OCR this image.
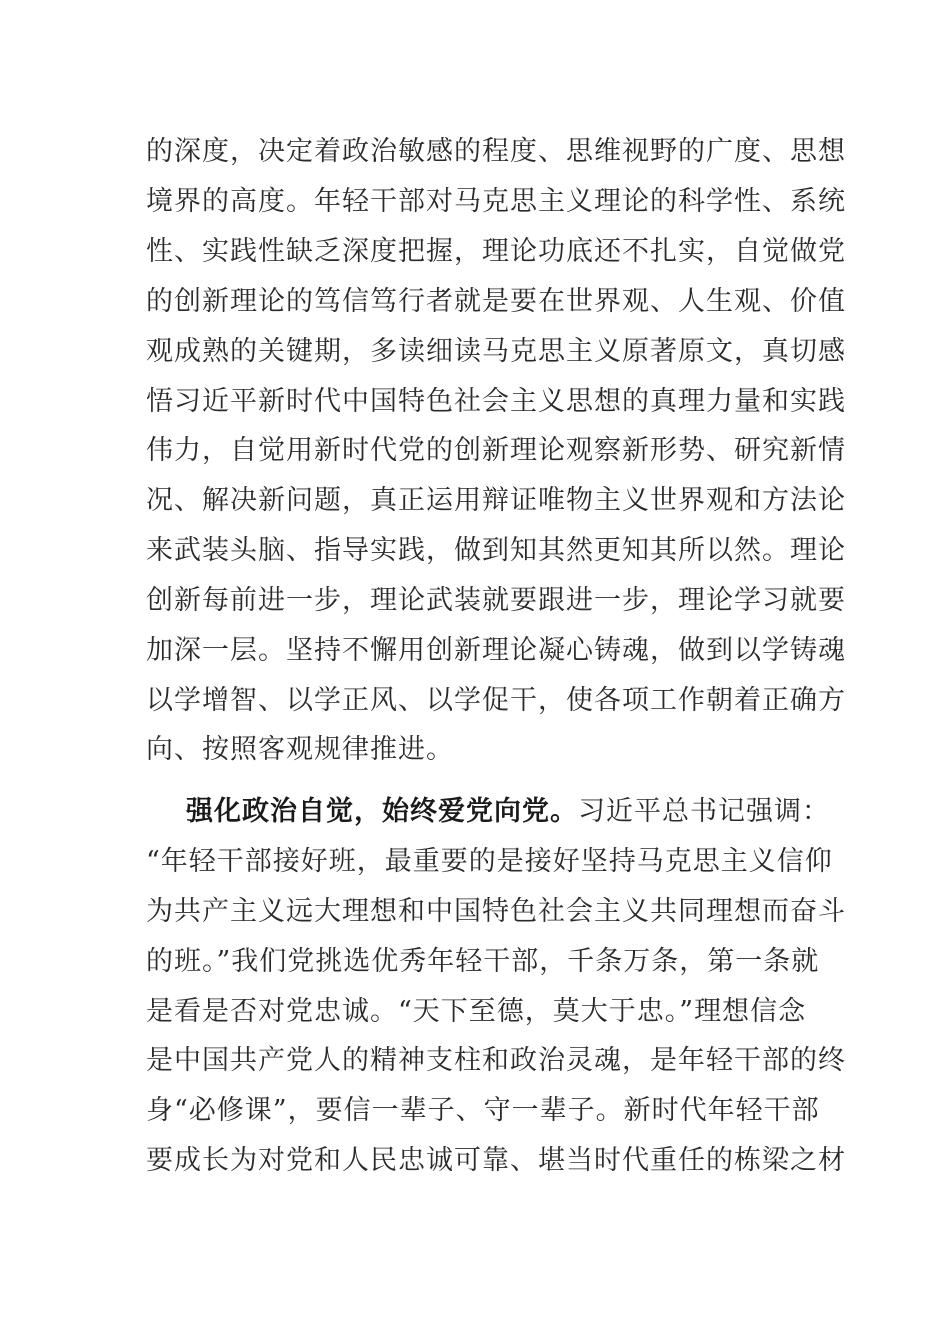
的深度，决定着政治敏感的程度、思维视野的广度、思想
境界的高度。年轻干部对马克思主义理论的科学性、系统
性、实践性缺乏深度把握，理论功底还不扎实，自觉做党
的创新理论的笃信笃行者就是要在世界观、人生观、价值
观成熟的关键期，多读细读马克思主义原著原文，真切感
悟习近平新时代中国特色社会主义思想的真理力量和实践
伟力，自觉用新时代党的创新理论观察新形势、研究新情
况、解决新问题，真正运用辩证唯物主义世界观和方法论
来武装头脑、指导实践，做到知其然更知其所以然。理论
创新每前进一步，理论武装就要跟进一步，理论学习就要
加深一层。坚持不懈用创新理论凝心铸魂，做到以学铸魂
以学增智、以学正风、以学促干，使各项工作朝着正确方
向、按照客观规律推进。
强化政治自觉，始终爱党向党。习近平总书记强调：
“年轻干部接好班，最重要的是接好坚持马克思主义信仰
为共产主义远大理想和中国特色社会主义共同理想而奋斗
的班。”我们党挑选优秀年轻干部，千条万条，第一条就
是看是否对党忠诚。“天下至德，莫大于忠。”理想信念
是中国共产党人的精神支柱和政治灵魂，是年轻干部的终
身“必修课”，要信一辈子、守一辈子。新时代年轻干部
要成长为对党和人民忠诚可靠、堪当时代重任的栋梁之材
